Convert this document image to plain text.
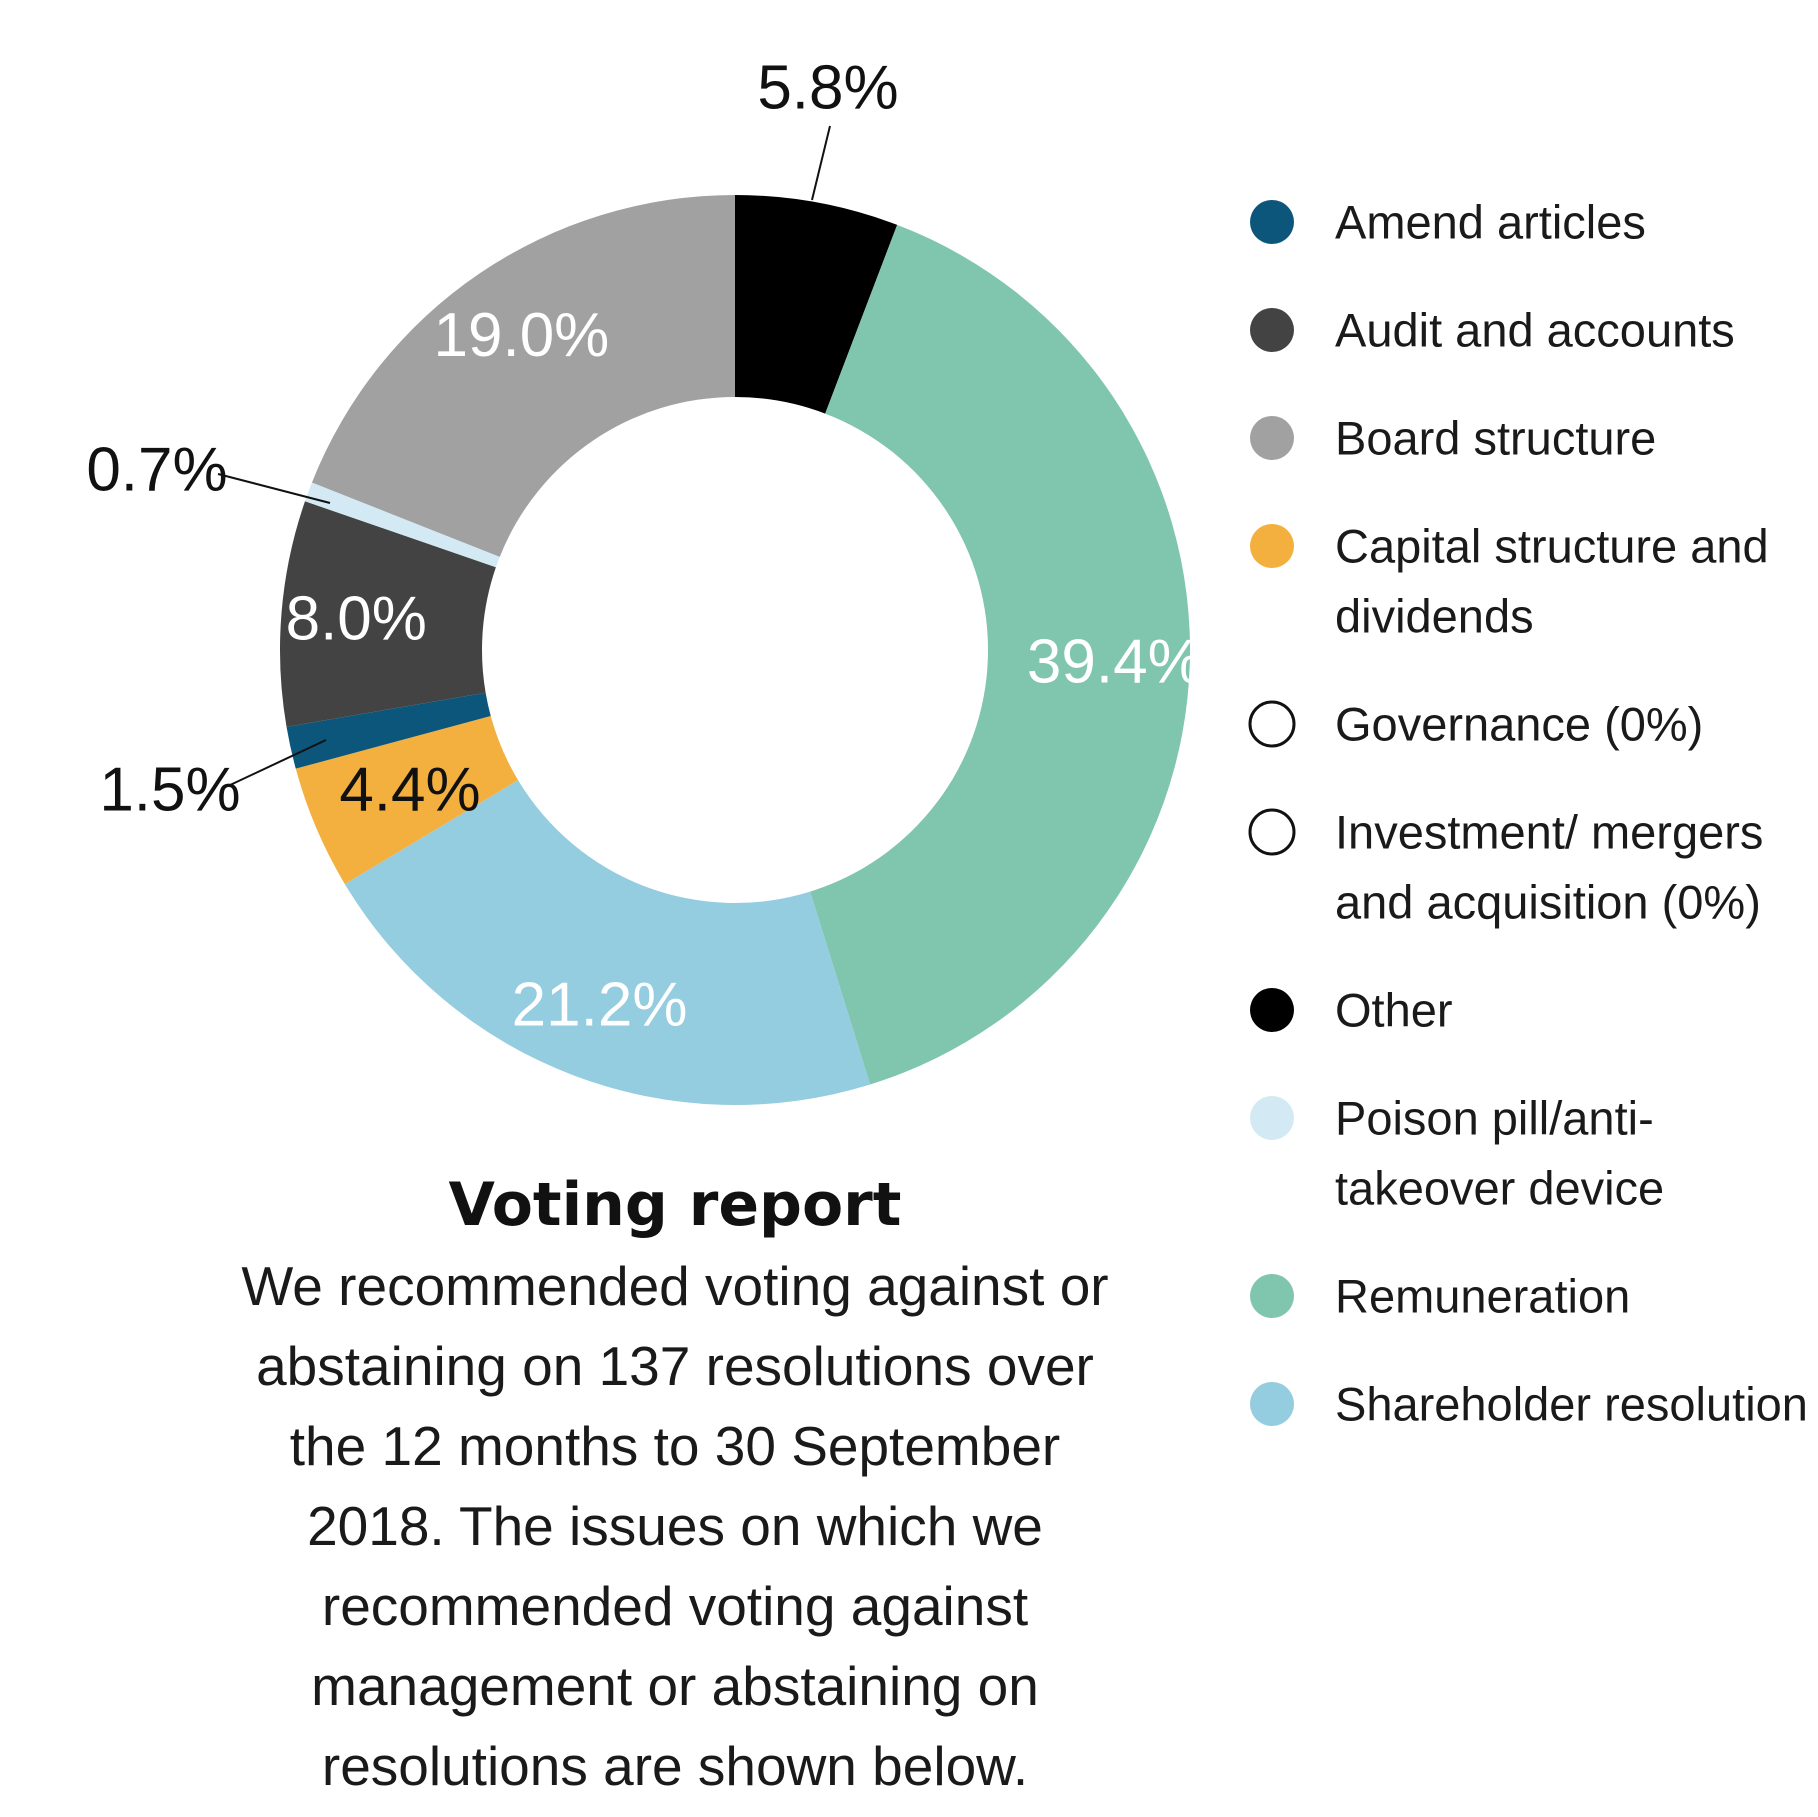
5.8%
39.4%
21.2%
4.4%
1.5%
8.0%
0.7%
19.0%
Amend articles
Audit and accounts
Board structure
Capital structure and
dividends
Governance (0%)
Investment/ mergers
and acquisition (0%)
Other
Poison pill/anti-
takeover device
Remuneration
Shareholder resolution
Voting report

We recommended voting against or
abstaining on 137 resolutions over
the 12 months to 30 September
2018. The issues on which we
recommended voting against
management or abstaining on
resolutions are shown below.
